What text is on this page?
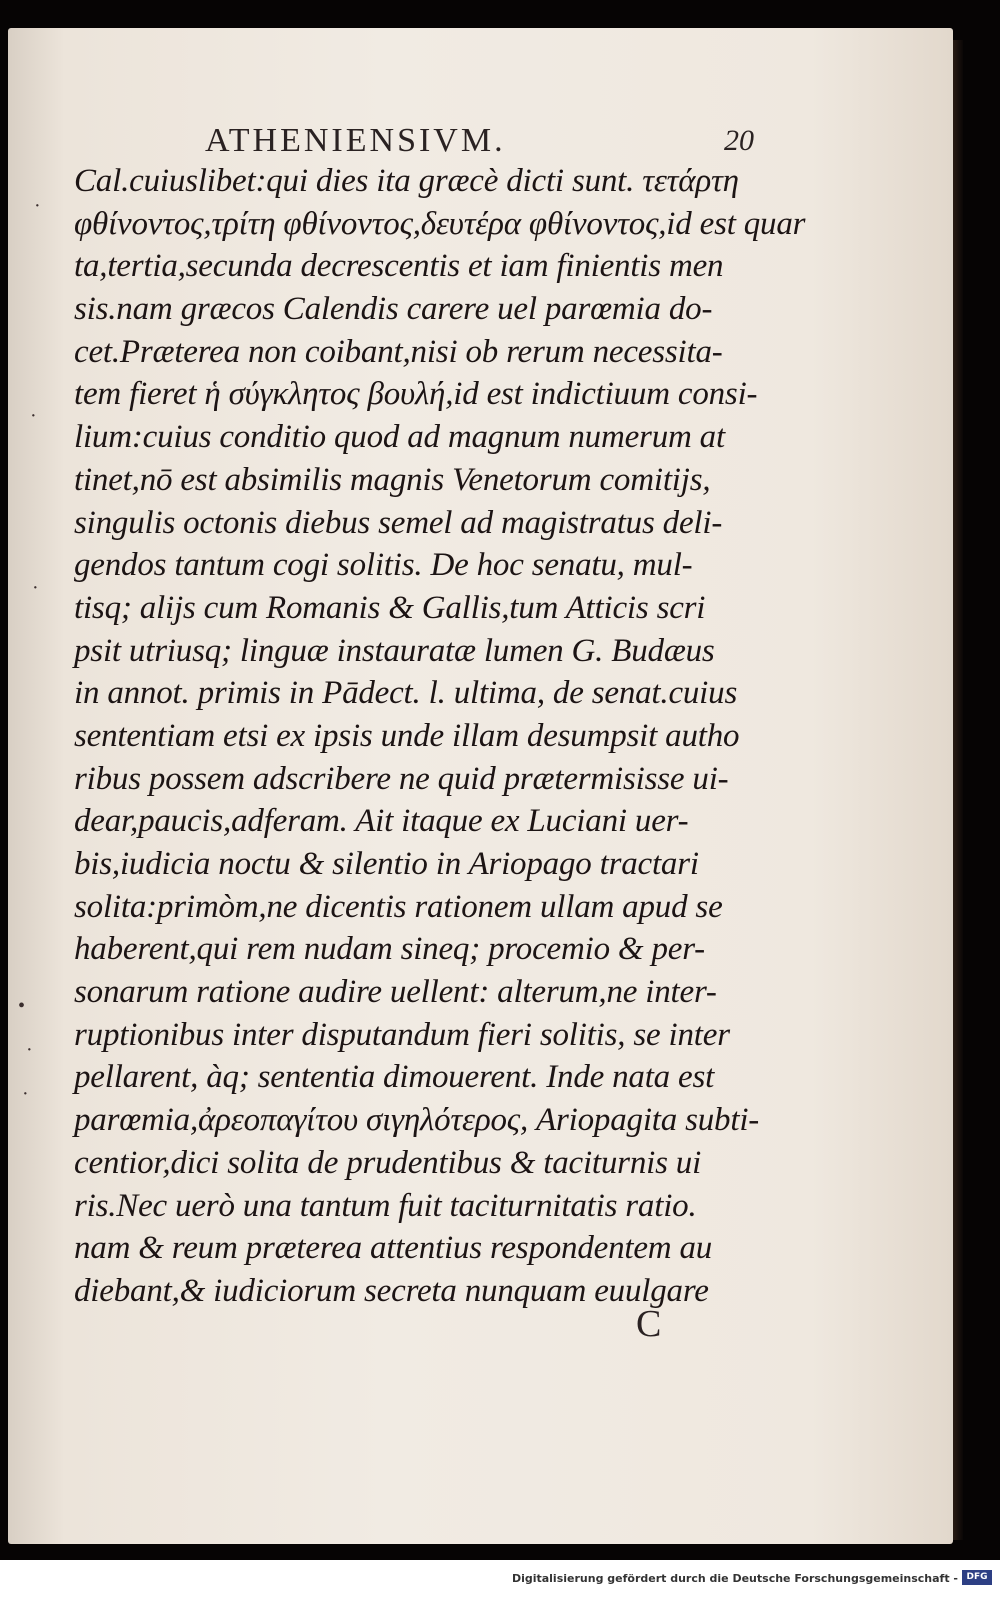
ATHENIENSIVM.	20
Cal.cuiuslibet:qui dies ita græcè dicti sunt. τετάρτη
φθίνοντος,τρίτη φθίνοντος,δευτέρα φθίνοντος,id est quar
ta,tertia,secunda decrescentis et iam finientis men
sis.nam græcos Calendis carere uel parœmia do-
cet.Præterea non coibant,nisi ob rerum necessita-
tem fieret ἡ σύγκλητος βουλή,id est indictiuum consi-
lium:cuius conditio quod ad magnum numerum at
tinet,nō est absimilis magnis Venetorum comitijs,
singulis octonis diebus semel ad magistratus deli-
gendos tantum cogi solitis. De hoc senatu, mul-
tisq; alijs cum Romanis & Gallis,tum Atticis scri
psit utriusq; linguæ instauratæ lumen G. Budæus
in annot. primis in Pādect. l. ultima, de senat.cuius
sententiam etsi ex ipsis unde illam desumpsit autho
ribus possem adscribere ne quid prætermisisse ui-
dear,paucis,adferam. Ait itaque ex Luciani uer-
bis,iudicia noctu & silentio in Ariopago tractari
solita:primòm,ne dicentis rationem ullam apud se
haberent,qui rem nudam sineq; procemio & per-
sonarum ratione audire uellent: alterum,ne inter-
ruptionibus inter disputandum fieri solitis, se inter
pellarent, àq; sententia dimouerent. Inde nata est
parœmia,ἀρεοπαγίτου σιγηλότερος, Ariopagita subti-
centior,dici solita de prudentibus & taciturnis ui
ris.Nec uerò una tantum fuit taciturnitatis ratio.
nam & reum præterea attentius respondentem au
diebant,& iudiciorum secreta nunquam euulgare
C
·
·
·
•
·
·
Digitalisierung gefördert durch die Deutsche Forschungsgemeinschaft - DFG
